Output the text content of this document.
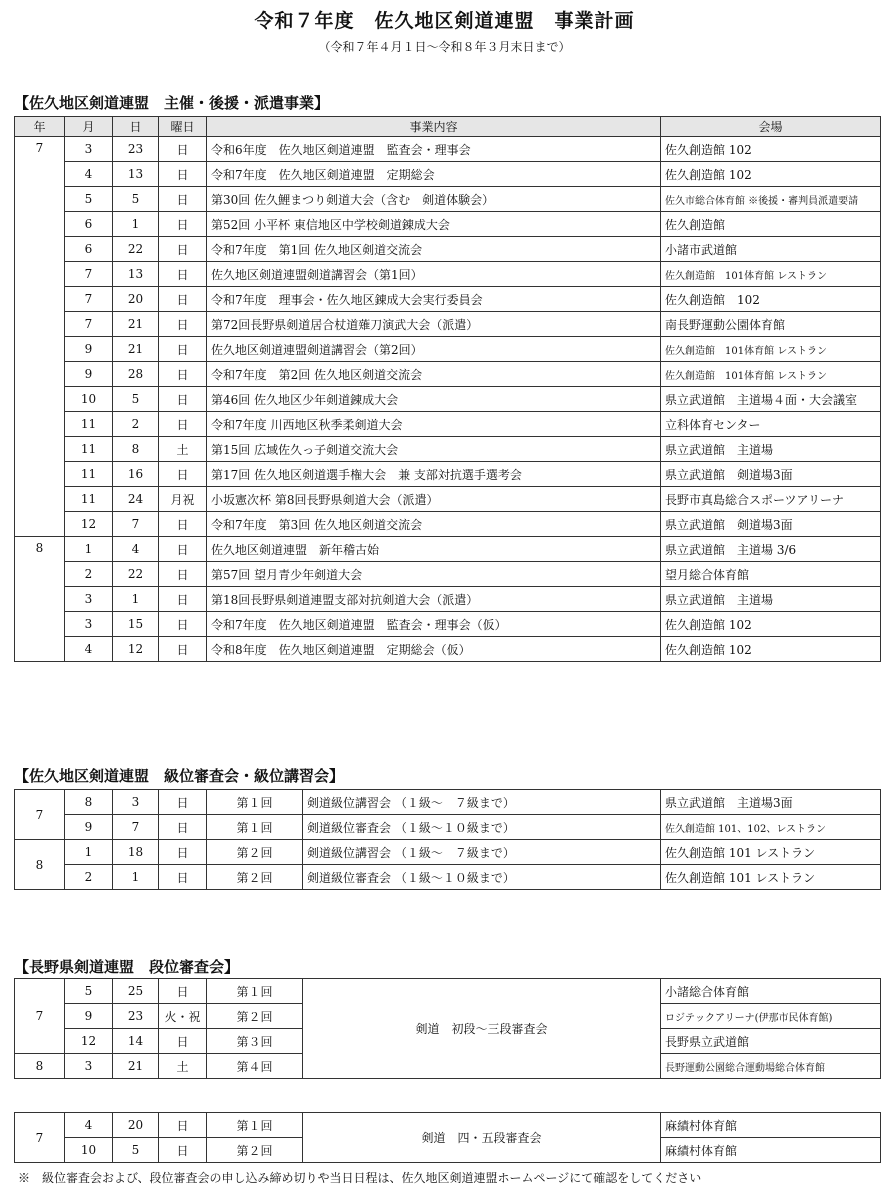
令和７年度　佐久地区剣道連盟　事業計画
（令和７年４月１日～令和８年３月末日まで）
【佐久地区剣道連盟　主催・後援・派遣事業】
年	月	日	曜日	事業内容	会場
7	3	23	日	令和6年度　佐久地区剣道連盟　監査会・理事会	佐久創造館 102
	4	13	日	令和7年度　佐久地区剣道連盟　定期総会	佐久創造館 102
	5	5	日	第30回 佐久鯉まつり剣道大会（含む　剣道体験会）	佐久市総合体育館 ※後援・審判員派遣要請
	6	1	日	第52回 小平杯 東信地区中学校剣道錬成大会	佐久創造館
	6	22	日	令和7年度　第1回 佐久地区剣道交流会	小諸市武道館
	7	13	日	佐久地区剣道連盟剣道講習会（第1回）	佐久創造館　101体育館 レストラン
	7	20	日	令和7年度　理事会・佐久地区錬成大会実行委員会	佐久創造館　102
	7	21	日	第72回長野県剣道居合杖道薙刀演武大会（派遣）	南長野運動公園体育館
	9	21	日	佐久地区剣道連盟剣道講習会（第2回）	佐久創造館　101体育館 レストラン
	9	28	日	令和7年度　第2回 佐久地区剣道交流会	佐久創造館　101体育館 レストラン
	10	5	日	第46回 佐久地区少年剣道錬成大会	県立武道館　主道場４面・大会議室
	11	2	日	令和7年度 川西地区秋季柔剣道大会	立科体育センター
	11	8	土	第15回 広域佐久っ子剣道交流大会	県立武道館　主道場
	11	16	日	第17回 佐久地区剣道選手権大会　兼 支部対抗選手選考会	県立武道館　剣道場3面
	11	24	月祝	小坂憲次杯 第8回長野県剣道大会（派遣）	長野市真島総合スポーツアリーナ
	12	7	日	令和7年度　第3回 佐久地区剣道交流会	県立武道館　剣道場3面
8	1	4	日	佐久地区剣道連盟　新年稽古始	県立武道館　主道場 3/6
	2	22	日	第57回 望月青少年剣道大会	望月総合体育館
	3	1	日	第18回長野県剣道連盟支部対抗剣道大会（派遣）	県立武道館　主道場
	3	15	日	令和7年度　佐久地区剣道連盟　監査会・理事会（仮）	佐久創造館 102
	4	12	日	令和8年度　佐久地区剣道連盟　定期総会（仮）	佐久創造館 102
【佐久地区剣道連盟　級位審査会・級位講習会】
7	8	3	日	第１回	剣道級位講習会 （１級～　７級まで）	県立武道館　主道場3面
	9	7	日	第１回	剣道級位審査会 （１級～１０級まで）	佐久創造館 101、102、レストラン
8	1	18	日	第２回	剣道級位講習会 （１級～　７級まで）	佐久創造館 101 レストラン
	2	1	日	第２回	剣道級位審査会 （１級～１０級まで）	佐久創造館 101 レストラン
【長野県剣道連盟　段位審査会】
7	5	25	日	第１回	剣道　初段～三段審査会	小諸総合体育館
	9	23	火・祝	第２回		ロジテックアリーナ(伊那市民体育館)
	12	14	日	第３回		長野県立武道館
8	3	21	土	第４回		長野運動公園総合運動場総合体育館
7	4	20	日	第１回	剣道　四・五段審査会	麻績村体育館
	10	5	日	第２回		麻績村体育館
※　級位審査会および、段位審査会の申し込み締め切りや当日日程は、佐久地区剣道連盟ホームページにて確認をしてください
